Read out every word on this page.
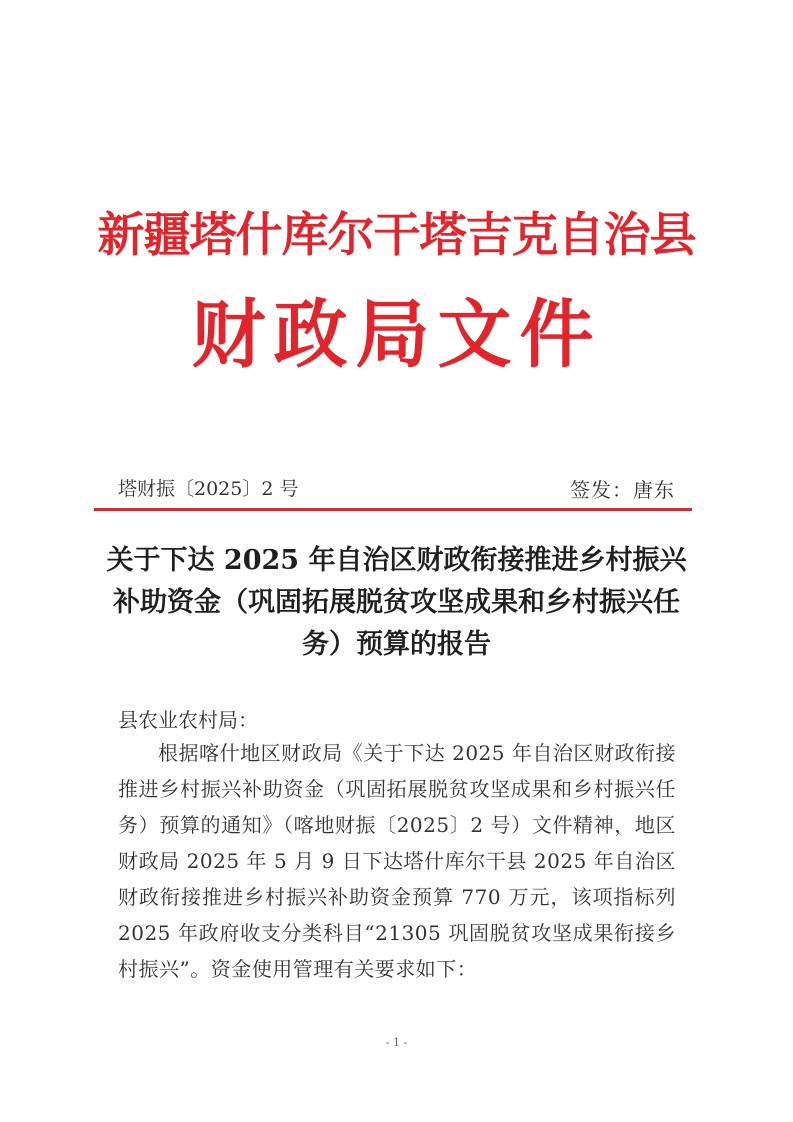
新疆塔什库尔干塔吉克自治县
财政局文件
塔财振〔2025〕2 号	签发：唐东
关于下达 2025 年自治区财政衔接推进乡村振兴补助资金（巩固拓展脱贫攻坚成果和乡村振兴任务）预算的报告
县农业农村局：
根据喀什地区财政局《关于下达 2025 年自治区财政衔接推进乡村振兴补助资金（巩固拓展脱贫攻坚成果和乡村振兴任务）预算的通知》（喀地财振〔2025〕2 号）文件精神，地区财政局 2025 年 5 月 9 日下达塔什库尔干县 2025 年自治区财政衔接推进乡村振兴补助资金预算 770 万元，该项指标列 2025 年政府收支分类科目“21305 巩固脱贫攻坚成果衔接乡村振兴”。资金使用管理有关要求如下：
- 1 -
